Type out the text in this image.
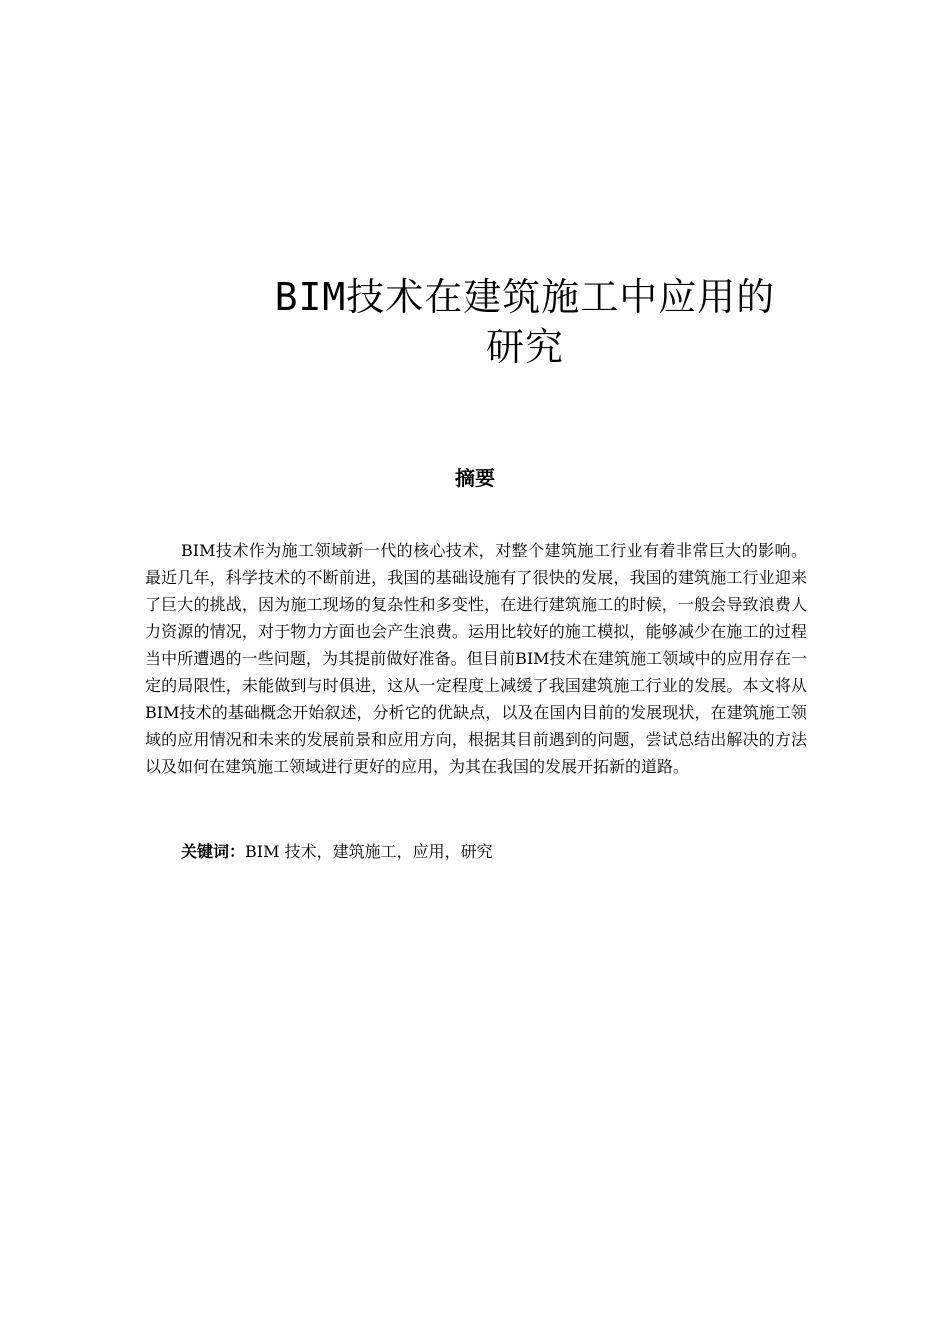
BIM技术在建筑施工中应用的
研究
摘要

BIM技术作为施工领域新一代的核心技术，对整个建筑施工行业有着非常巨大的影响。最近几年，科学技术的不断前进，我国的基础设施有了很快的发展，我国的建筑施工行业迎来了巨大的挑战，因为施工现场的复杂性和多变性，在进行建筑施工的时候，一般会导致浪费人力资源的情况，对于物力方面也会产生浪费。运用比较好的施工模拟，能够减少在施工的过程当中所遭遇的一些问题，为其提前做好准备。但目前BIM技术在建筑施工领域中的应用存在一定的局限性，未能做到与时俱进，这从一定程度上减缓了我国建筑施工行业的发展。本文将从BIM技术的基础概念开始叙述，分析它的优缺点，以及在国内目前的发展现状，在建筑施工领域的应用情况和未来的发展前景和应用方向，根据其目前遇到的问题，尝试总结出解决的方法以及如何在建筑施工领域进行更好的应用，为其在我国的发展开拓新的道路。

关键词：BIM 技术，建筑施工，应用，研究
